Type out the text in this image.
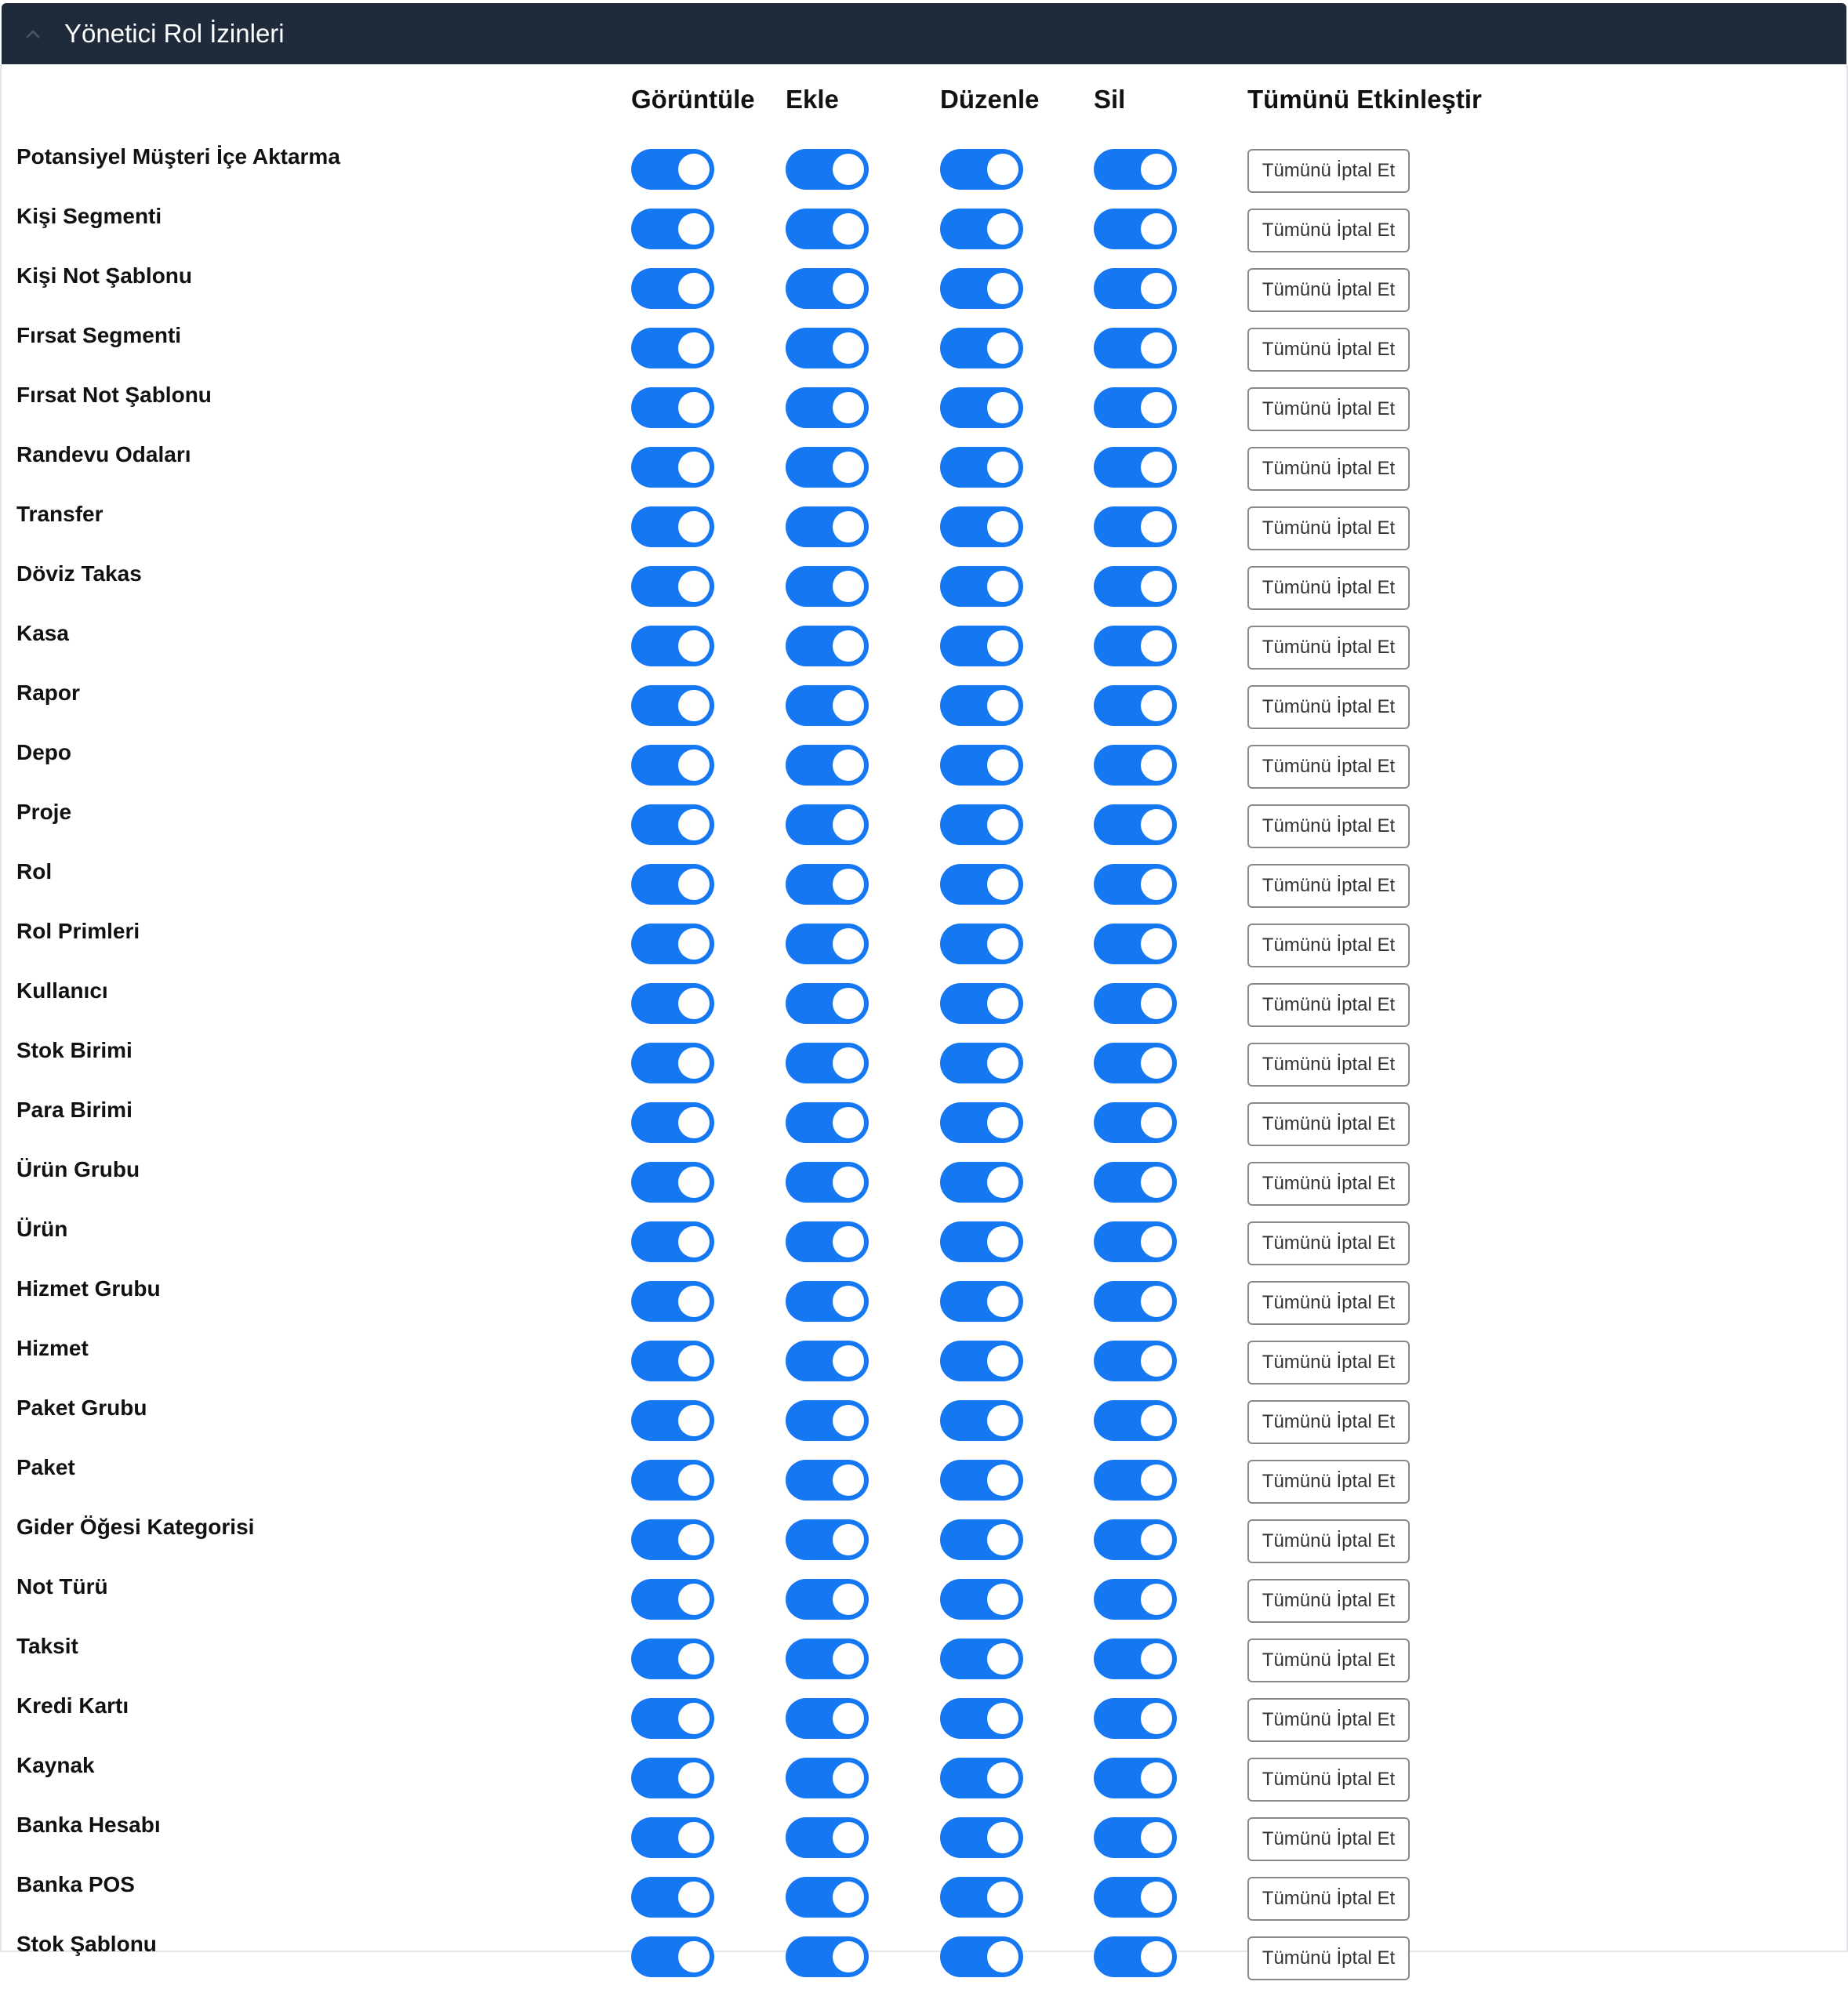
Yönetici Rol İzinleri
Görüntüle Ekle	Düzenle Sil	Tümünü Etkinleştir
Potansiyel Müşteri İçe Aktarma
Tümünü İptal Et
Kişi Segmenti
Tümünü İptal Et
Kişi Not Şablonu
Tümünü İptal Et
Fırsat Segmenti
Tümünü İptal Et
Fırsat Not Şablonu
Tümünü İptal Et
Randevu Odaları
Tümünü İptal Et
Transfer
Tümünü İptal Et
Döviz Takas
Tümünü İptal Et
Kasa
Tümünü İptal Et
Rapor
Tümünü İptal Et
Depo
Tümünü İptal Et
Proje
Tümünü İptal Et
Rol
Tümünü İptal Et
Rol Primleri
Tümünü İptal Et
Kullanıcı
Tümünü İptal Et
Stok Birimi
Tümünü İptal Et
Para Birimi
Tümünü İptal Et
Ürün Grubu
Tümünü İptal Et
Ürün
Tümünü İptal Et
Hizmet Grubu
Tümünü İptal Et
Hizmet
Tümünü İptal Et
Paket Grubu
Tümünü İptal Et
Paket
Tümünü İptal Et
Gider Öğesi Kategorisi
Tümünü İptal Et
Not Türü
Tümünü İptal Et
Taksit
Tümünü İptal Et
Kredi Kartı
Tümünü İptal Et
Kaynak
Tümünü İptal Et
Banka Hesabı
Tümünü İptal Et
Banka POS
Tümünü İptal Et
Stok Şablonu
Tümünü İptal Et
